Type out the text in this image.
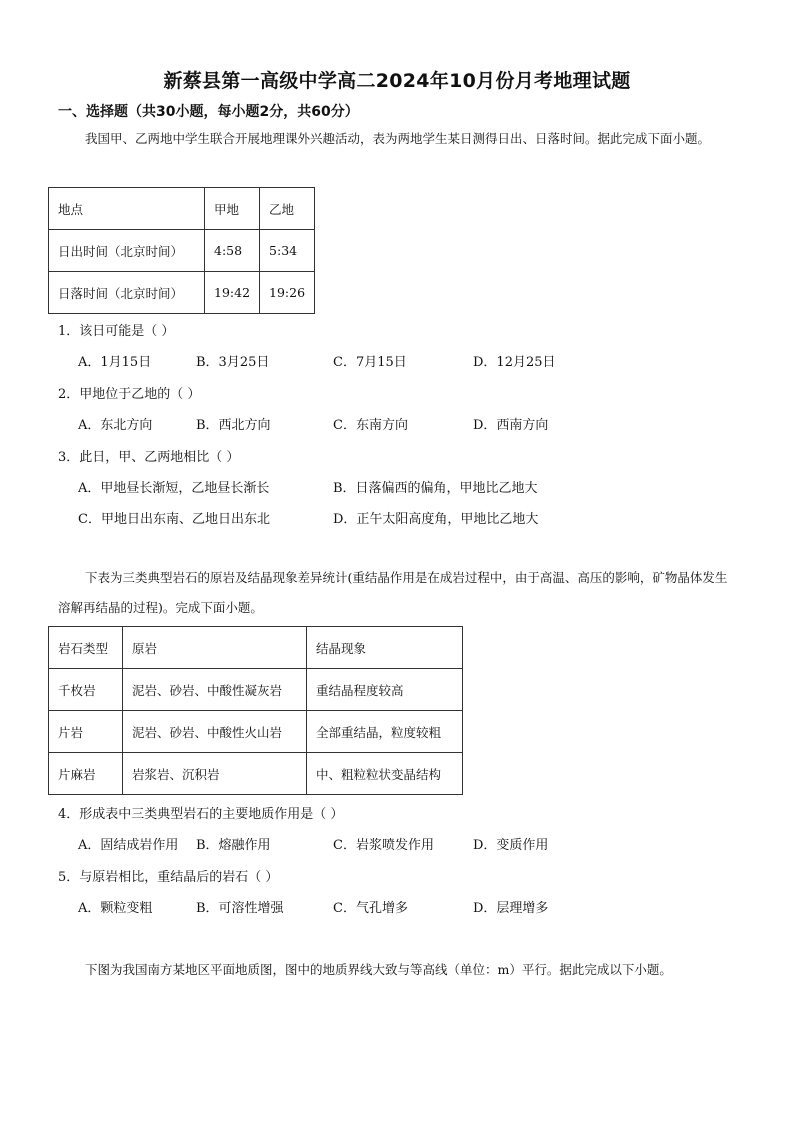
新蔡县第一高级中学高二2024年10月份月考地理试题
一、选择题（共30小题，每小题2分，共60分）
我国甲、乙两地中学生联合开展地理课外兴趣活动，表为两地学生某日测得日出、日落时间。据此完成下面小题。
地点	甲地	乙地
日出时间（北京时间）	4:58	5:34
日落时间（北京时间）	19:42	19:26
1．该日可能是（ ）
A．1月15日	B．3月25日	C．7月15日	D．12月25日
2．甲地位于乙地的（ ）
A．东北方向	B．西北方向	C．东南方向	D．西南方向
3．此日，甲、乙两地相比（ ）
A．甲地昼长渐短，乙地昼长渐长	B．日落偏西的偏角，甲地比乙地大
C．甲地日出东南、乙地日出东北	D．正午太阳高度角，甲地比乙地大
下表为三类典型岩石的原岩及结晶现象差异统计(重结晶作用是在成岩过程中，由于高温、高压的影响，矿物晶体发生溶解再结晶的过程)。完成下面小题。
岩石类型	原岩	结晶现象
千枚岩	泥岩、砂岩、中酸性凝灰岩	重结晶程度较高
片岩	泥岩、砂岩、中酸性火山岩	全部重结晶，粒度较粗
片麻岩	岩浆岩、沉积岩	中、粗粒粒状变晶结构
4．形成表中三类典型岩石的主要地质作用是（ ）
A．固结成岩作用 B．熔融作用	C．岩浆喷发作用	D．变质作用
5．与原岩相比，重结晶后的岩石（ ）
A．颗粒变粗	B．可溶性增强	C．气孔增多	D．层理增多
下图为我国南方某地区平面地质图，图中的地质界线大致与等高线（单位：m）平行。据此完成以下小题。
